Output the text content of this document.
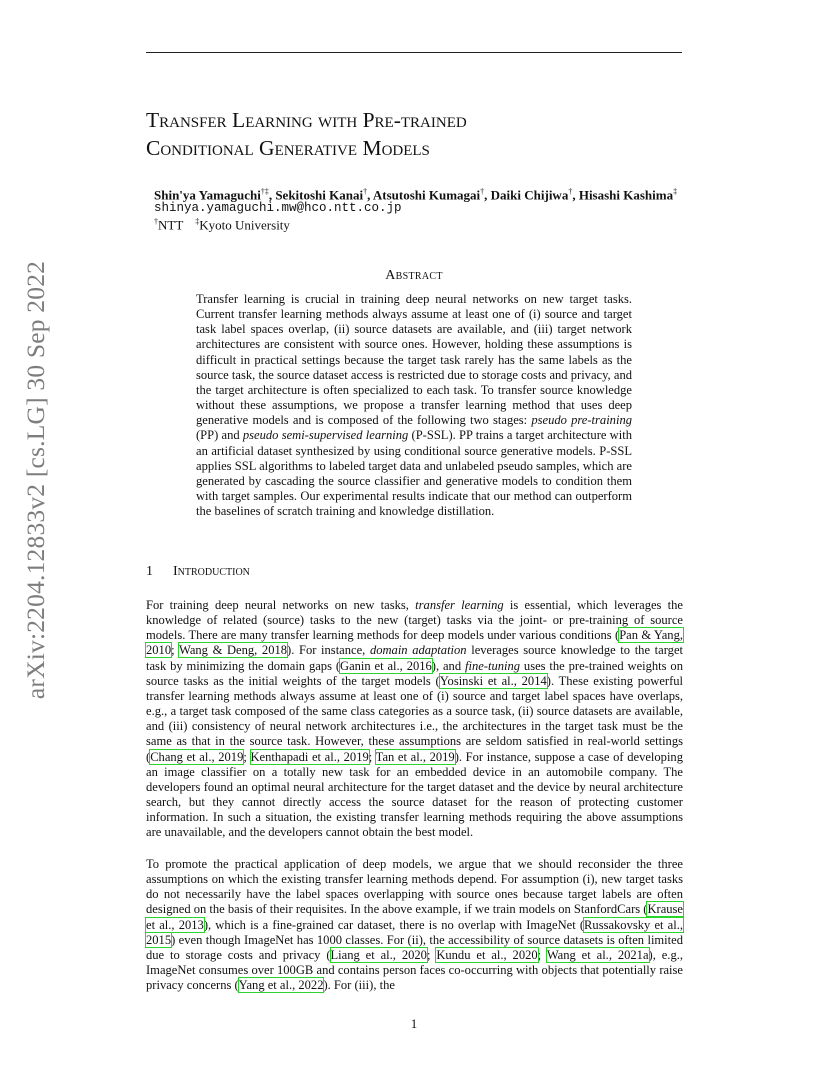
arXiv:2204.12833v2 [cs.LG] 30 Sep 2022
Transfer Learning with Pre-trained
Conditional Generative Models
Shin'ya Yamaguchi†‡, Sekitoshi Kanai†, Atsutoshi Kumagai†, Daiki Chijiwa†, Hisashi Kashima‡
shinya.yamaguchi.mw@hco.ntt.co.jp
†NTT ‡Kyoto University
Abstract
Transfer learning is crucial in training deep neural networks on new target tasks. Current transfer learning methods always assume at least one of (i) source and target task label spaces overlap, (ii) source datasets are available, and (iii) target network architectures are consistent with source ones. However, holding these assumptions is difficult in practical settings because the target task rarely has the same labels as the source task, the source dataset access is restricted due to storage costs and privacy, and the target architecture is often specialized to each task. To transfer source knowledge without these assumptions, we propose a transfer learning method that uses deep generative models and is composed of the following two stages: pseudo pre-training (PP) and pseudo semi-supervised learning (P-SSL). PP trains a target architecture with an artificial dataset synthesized by using conditional source generative models. P-SSL applies SSL algorithms to labeled target data and unlabeled pseudo samples, which are generated by cascading the source classifier and generative models to condition them with target samples. Our experimental results indicate that our method can outperform the baselines of scratch training and knowledge distillation.
1 Introduction
For training deep neural networks on new tasks, transfer learning is essential, which leverages the knowledge of related (source) tasks to the new (target) tasks via the joint- or pre-training of source models. There are many transfer learning methods for deep models under various conditions (Pan & Yang, 2010; Wang & Deng, 2018). For instance, domain adaptation leverages source knowledge to the target task by minimizing the domain gaps (Ganin et al., 2016), and fine-tuning uses the pre-trained weights on source tasks as the initial weights of the target models (Yosinski et al., 2014). These existing powerful transfer learning methods always assume at least one of (i) source and target label spaces have overlaps, e.g., a target task composed of the same class categories as a source task, (ii) source datasets are available, and (iii) consistency of neural network architectures i.e., the architectures in the target task must be the same as that in the source task. However, these assumptions are seldom satisfied in real-world settings (Chang et al., 2019; Kenthapadi et al., 2019; Tan et al., 2019). For instance, suppose a case of developing an image classifier on a totally new task for an embedded device in an automobile company. The developers found an optimal neural architecture for the target dataset and the device by neural architecture search, but they cannot directly access the source dataset for the reason of protecting customer information. In such a situation, the existing transfer learning methods requiring the above assumptions are unavailable, and the developers cannot obtain the best model.
To promote the practical application of deep models, we argue that we should reconsider the three assumptions on which the existing transfer learning methods depend. For assumption (i), new target tasks do not necessarily have the label spaces overlapping with source ones because target labels are often designed on the basis of their requisites. In the above example, if we train models on StanfordCars (Krause et al., 2013), which is a fine-grained car dataset, there is no overlap with ImageNet (Russakovsky et al., 2015) even though ImageNet has 1000 classes. For (ii), the accessibility of source datasets is often limited due to storage costs and privacy (Liang et al., 2020; Kundu et al., 2020; Wang et al., 2021a), e.g., ImageNet consumes over 100GB and contains person faces co-occurring with objects that potentially raise privacy concerns (Yang et al., 2022). For (iii), the
1
